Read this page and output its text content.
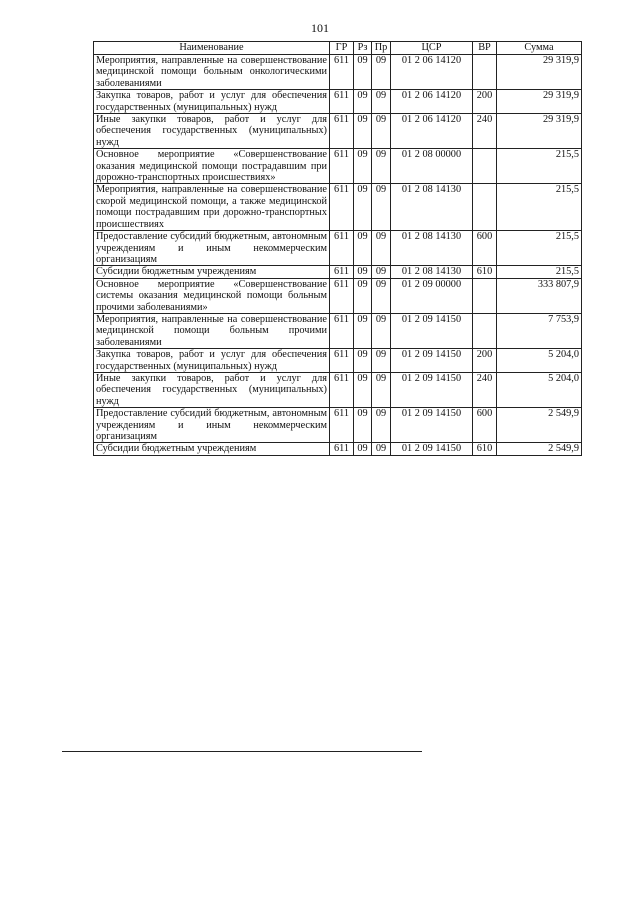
101
Наименование	ГР	Рз	Пр	ЦСР	ВР	Сумма
Мероприятия, направленные на совершенствование медицинской помощи больным онкологическими заболеваниями	611	09	09	01 2 06 14120		29 319,9
Закупка товаров, работ и услуг для обеспечения государственных (муниципальных) нужд	611	09	09	01 2 06 14120	200	29 319,9
Иные закупки товаров, работ и услуг для обеспечения государственных (муниципальных) нужд	611	09	09	01 2 06 14120	240	29 319,9
Основное мероприятие «Совершенствование оказания медицинской помощи пострадавшим при дорожно-транспортных происшествиях»	611	09	09	01 2 08 00000		215,5
Мероприятия, направленные на совершенствование скорой медицинской помощи, а также медицинской помощи пострадавшим при дорожно-транспортных происшествиях	611	09	09	01 2 08 14130		215,5
Предоставление субсидий бюджетным, автономным учреждениям и иным некоммерческим организациям	611	09	09	01 2 08 14130	600	215,5
Субсидии бюджетным учреждениям	611	09	09	01 2 08 14130	610	215,5
Основное мероприятие «Совершенствование системы оказания медицинской помощи больным прочими заболеваниями»	611	09	09	01 2 09 00000		333 807,9
Мероприятия, направленные на совершенствование медицинской помощи больным прочими заболеваниями	611	09	09	01 2 09 14150		7 753,9
Закупка товаров, работ и услуг для обеспечения государственных (муниципальных) нужд	611	09	09	01 2 09 14150	200	5 204,0
Иные закупки товаров, работ и услуг для обеспечения государственных (муниципальных) нужд	611	09	09	01 2 09 14150	240	5 204,0
Предоставление субсидий бюджетным, автономным учреждениям и иным некоммерческим организациям	611	09	09	01 2 09 14150	600	2 549,9
Субсидии бюджетным учреждениям	611	09	09	01 2 09 14150	610	2 549,9
